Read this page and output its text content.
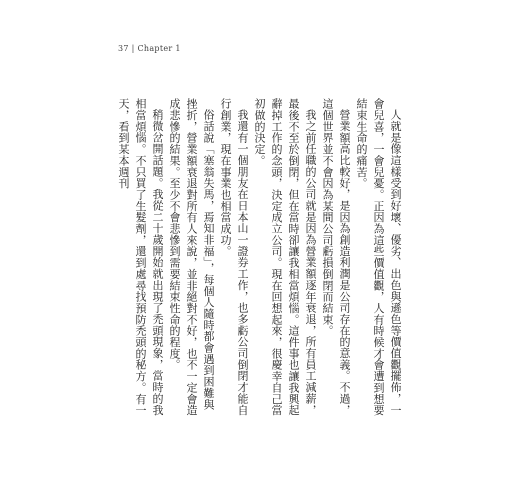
37 | Chapter 1

人就是像這樣受到好壞、優劣、出色與遜色等價值觀擺佈，一會兒喜，一會兒憂。正因為這些價值觀，人有時候才會遭到想要結束生命的痛苦。

營業額高比較好，是因為創造利潤是公司存在的意義。不過，這個世界並不會因為某間公司虧損倒閉而結束。

我之前任職的公司就是因為營業額逐年衰退，所有員工減薪，最後不至於倒閉，但在當時卻讓我相當煩惱。這件事也讓我興起辭掉工作的念頭，決定成立公司。現在回想起來，很慶幸自己當初做的決定。

我還有一個朋友在日本山一證券工作，也多虧公司倒閉才能自行創業，現在事業也相當成功。

俗話說「塞翁失馬，焉知非福」，每個人隨時都會遇到困難與挫折，營業額衰退對所有人來說，並非絕對不好，也不一定會造成悲慘的結果。至少不會悲慘到需要結束性命的程度。

稍微岔開話題。我從二十歲開始就出現了禿頭現象，當時的我相當煩惱。不只買了生髮劑，還到處尋找預防禿頭的秘方。有一天，看到某本週刊
